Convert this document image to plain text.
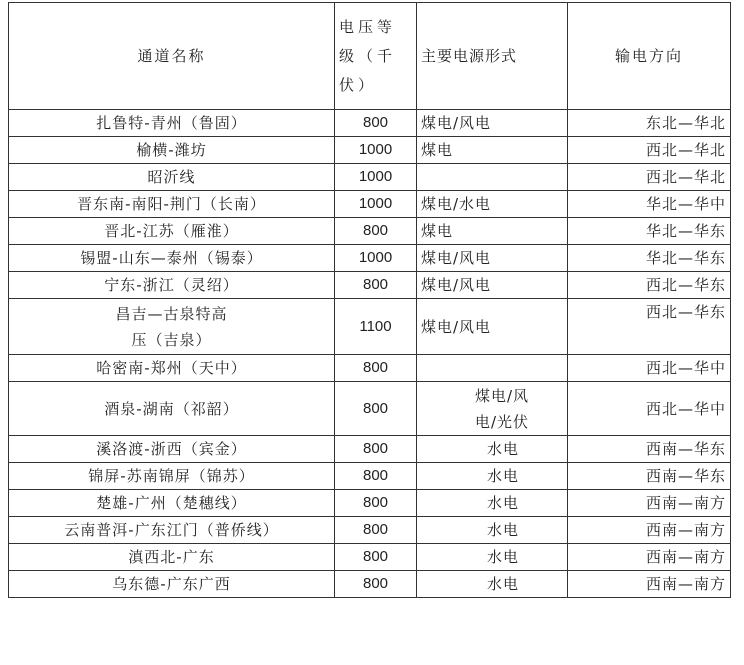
通道名称	电压等级（千伏）	主要电源形式	输电方向
扎鲁特-青州（鲁固）	800	煤电/风电	东北—华北
榆横-潍坊	1000	煤电	西北—华北
昭沂线	1000		西北—华北
晋东南-南阳-荆门（长南）	1000	煤电/水电	华北—华中
晋北-江苏（雁淮）	800	煤电	华北—华东
锡盟-山东—泰州（锡泰）	1000	煤电/风电	华北—华东
宁东-浙江（灵绍）	800	煤电/风电	西北—华东
昌吉—古泉特高压（吉泉）	1100	煤电/风电	西北—华东
哈密南-郑州（天中）	800		西北—华中
酒泉-湖南（祁韶）	800	煤电/风电/光伏	西北—华中
溪洛渡-浙西（宾金）	800	水电	西南—华东
锦屏-苏南锦屏（锦苏）	800	水电	西南—华东
楚雄-广州（楚穗线）	800	水电	西南—南方
云南普洱-广东江门（普侨线）	800	水电	西南—南方
滇西北-广东	800	水电	西南—南方
乌东德-广东广西	800	水电	西南—南方
